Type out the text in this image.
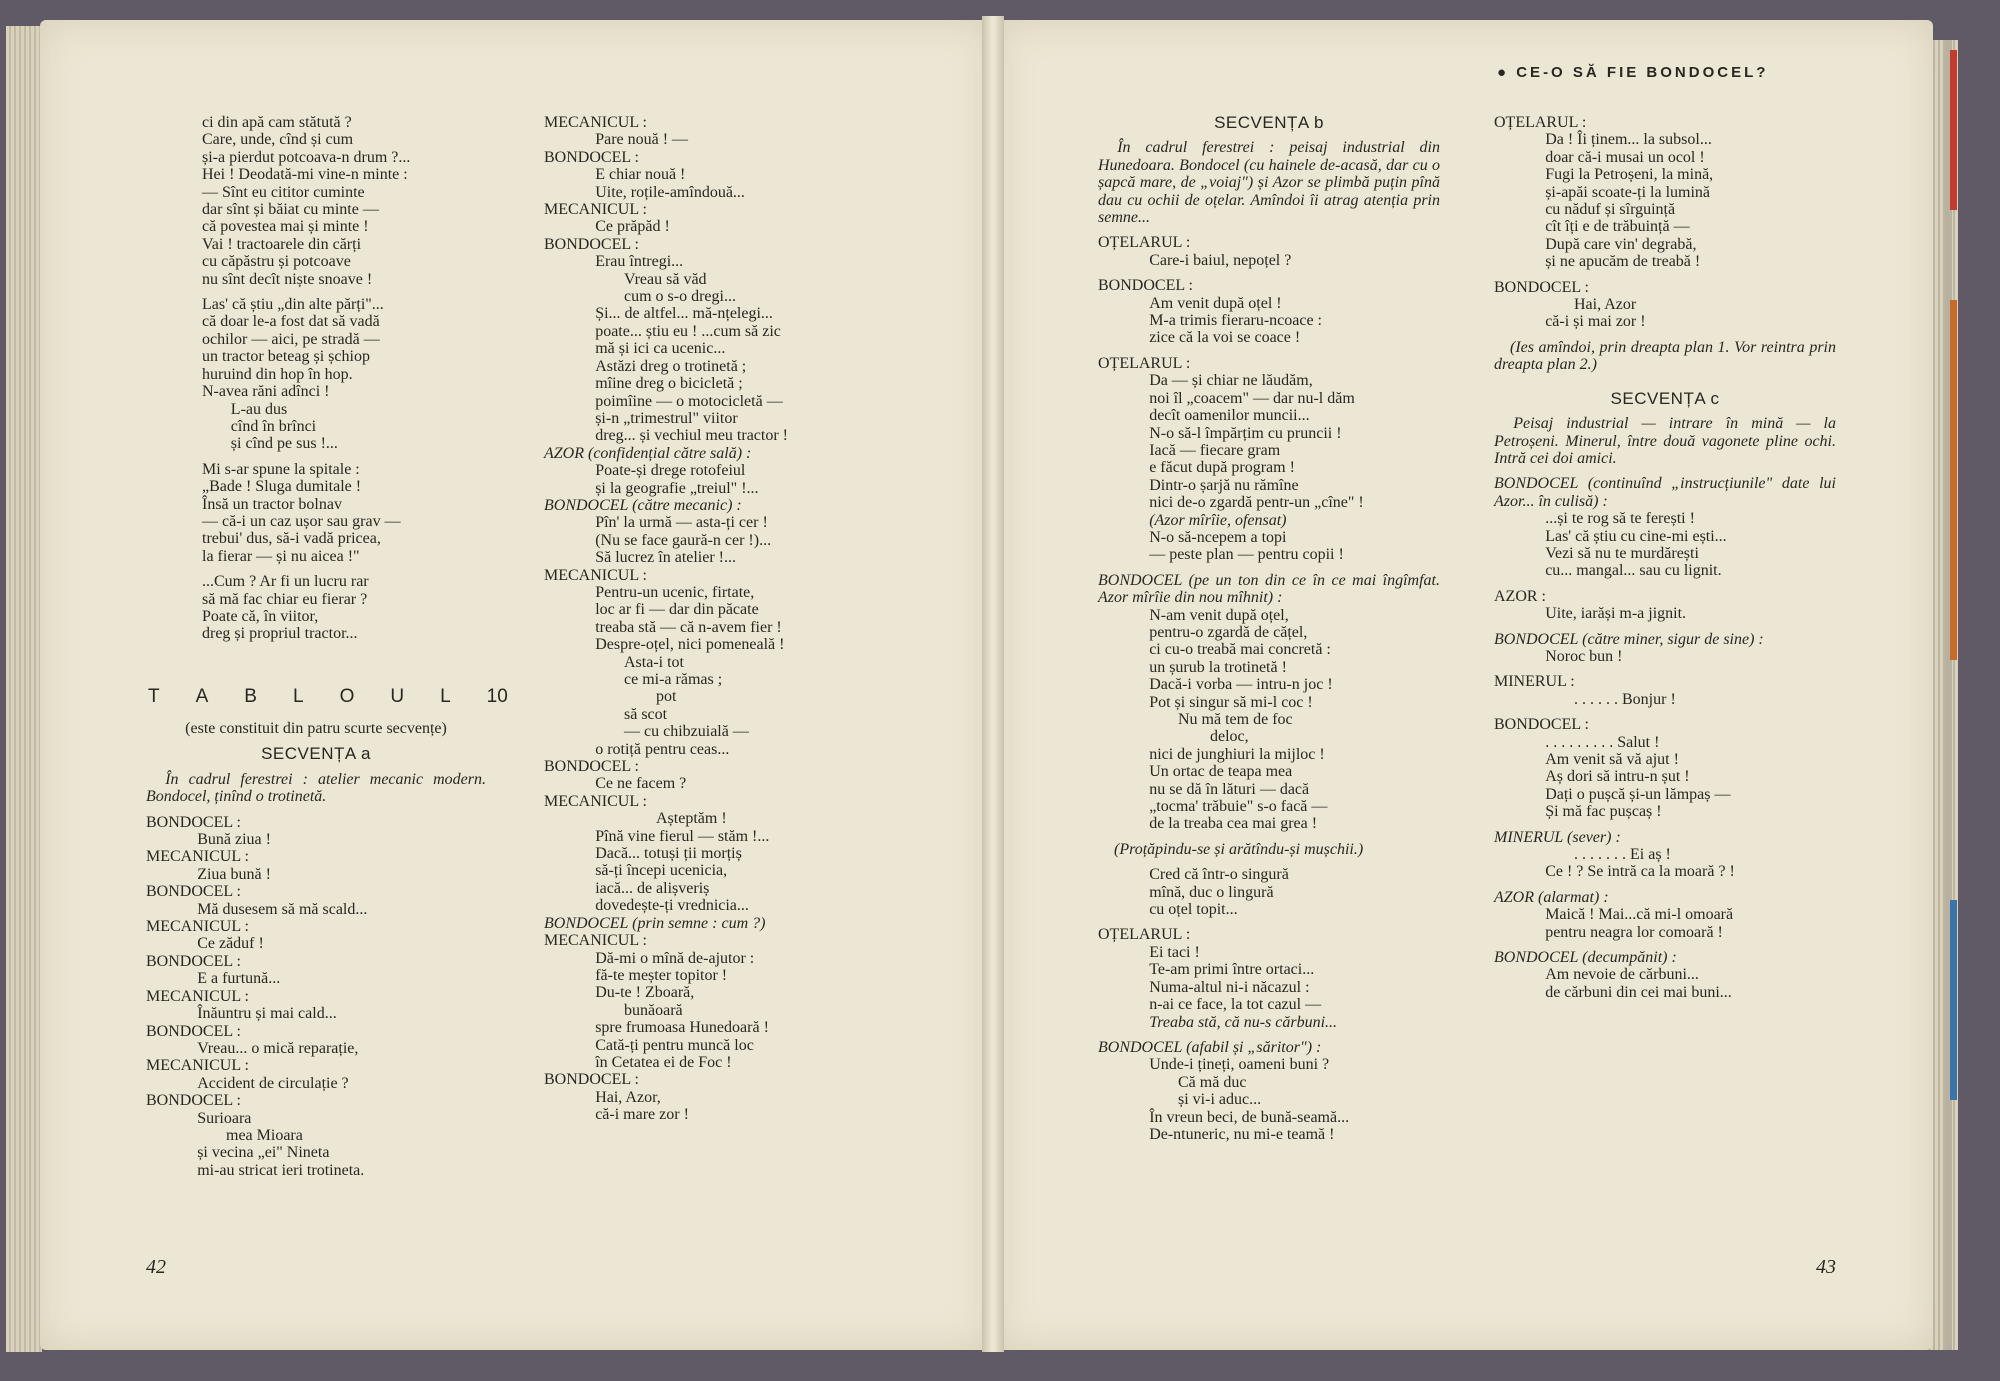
● CE-O SĂ FIE BONDOCEL?
ci din apă cam stătută ?
Care, unde, cînd și cum
și-a pierdut potcoava-n drum ?...
Hei ! Deodată-mi vine-n minte :
— Sînt eu cititor cuminte
dar sînt și băiat cu minte —
că povestea mai și minte !
Vai ! tractoarele din cărți
cu căpăstru și potcoave
nu sînt decît niște snoave !
Las' că știu „din alte părți"...
că doar le-a fost dat să vadă
ochilor — aici, pe stradă —
un tractor beteag și șchiop
huruind din hop în hop.
N-avea răni adînci !
L-au dus
cînd în brînci
și cînd pe sus !...
Mi s-ar spune la spitale :
„Bade ! Sluga dumitale !
Însă un tractor bolnav
— că-i un caz ușor sau grav —
trebui' dus, să-i vadă pricea,
la fierar — și nu aicea !"
...Cum ? Ar fi un lucru rar
să mă fac chiar eu fierar ?
Poate că, în viitor,
dreg și propriul tractor...
T A B L O U L 10
(este constituit din patru scurte secvențe)
SECVENȚA a
În cadrul ferestrei : atelier mecanic modern. Bondocel, ținînd o trotinetă.
BONDOCEL :
Bună ziua !
MECANICUL :
Ziua bună !
BONDOCEL :
Mă dusesem să mă scald...
MECANICUL :
Ce zăduf !
BONDOCEL :
E a furtună...
MECANICUL :
Înăuntru și mai cald...
BONDOCEL :
Vreau... o mică reparație,
MECANICUL :
Accident de circulație ?
BONDOCEL :
Surioara
mea Mioara
și vecina „ei" Nineta
mi-au stricat ieri trotineta.
MECANICUL :
Pare nouă ! —
BONDOCEL :
E chiar nouă !
Uite, roțile-amîndouă...
MECANICUL :
Ce prăpăd !
BONDOCEL :
Erau întregi...
Vreau să văd
cum o s-o dregi...
Și... de altfel... mă-nțelegi...
poate... știu eu ! ...cum să zic
mă și ici ca ucenic...
Astăzi dreg o trotinetă ;
mîine dreg o bicicletă ;
poimîine — o motocicletă —
și-n „trimestrul" viitor
dreg... și vechiul meu tractor !
AZOR (confidențial către sală) :
Poate-și drege rotofeiul
și la geografie „treiul" !...
BONDOCEL (către mecanic) :
Pîn' la urmă — asta-ți cer !
(Nu se face gaură-n cer !)...
Să lucrez în atelier !...
MECANICUL :
Pentru-un ucenic, firtate,
loc ar fi — dar din păcate
treaba stă — că n-avem fier !
Despre-oțel, nici pomeneală !
Asta-i tot
ce mi-a rămas ;
pot
să scot
— cu chibzuială —
o rotiță pentru ceas...
BONDOCEL :
Ce ne facem ?
MECANICUL :
Așteptăm !
Pînă vine fierul — stăm !...
Dacă... totuși ții morțiș
să-ți începi ucenicia,
iacă... de alișveriș
dovedește-ți vrednicia...
BONDOCEL (prin semne : cum ?)
MECANICUL :
Dă-mi o mînă de-ajutor :
fă-te meșter topitor !
Du-te ! Zboară,
bunăoară
spre frumoasa Hunedoară !
Cată-ți pentru muncă loc
în Cetatea ei de Foc !
BONDOCEL :
Hai, Azor,
că-i mare zor !
SECVENȚA b
În cadrul ferestrei : peisaj industrial din Hunedoara. Bondocel (cu hainele de-acasă, dar cu o șapcă mare, de „voiaj") și Azor se plimbă puțin pînă dau cu ochii de oțelar. Amîndoi îi atrag atenția prin semne...
OȚELARUL :
Care-i baiul, nepoțel ?
BONDOCEL :
Am venit după oțel !
M-a trimis fieraru-ncoace :
zice că la voi se coace !
OȚELARUL :
Da — și chiar ne lăudăm,
noi îl „coacem" — dar nu-l dăm
decît oamenilor muncii...
N-o să-l împărțim cu pruncii !
Iacă — fiecare gram
e făcut după program !
Dintr-o șarjă nu rămîne
nici de-o zgardă pentr-un „cîne" !
(Azor mîrîie, ofensat)
N-o să-ncepem a topi
— peste plan — pentru copii !
BONDOCEL (pe un ton din ce în ce mai îngîmfat. Azor mîrîie din nou mîhnit) :
N-am venit după oțel,
pentru-o zgardă de cățel,
ci cu-o treabă mai concretă :
un șurub la trotinetă !
Dacă-i vorba — intru-n joc !
Pot și singur să mi-l coc !
Nu mă tem de foc
deloc,
nici de junghiuri la mijloc !
Un ortac de teapa mea
nu se dă în lături — dacă
„tocma' trăbuie" s-o facă —
de la treaba cea mai grea !
(Proțăpindu-se și arătîndu-și mușchii.)
Cred că într-o singură
mînă, duc o lingură
cu oțel topit...
OȚELARUL :
Ei taci !
Te-am primi între ortaci...
Numa-altul ni-i năcazul :
n-ai ce face, la tot cazul —
Treaba stă, că nu-s cărbuni...
BONDOCEL (afabil și „săritor") :
Unde-i țineți, oameni buni ?
Că mă duc
și vi-i aduc...
În vreun beci, de bună-seamă...
De-ntuneric, nu mi-e teamă !
OȚELARUL :
Da ! Îi ținem... la subsol...
doar că-i musai un ocol !
Fugi la Petroșeni, la mină,
și-apăi scoate-ți la lumină
cu năduf și sîrguință
cît îți e de trăbuință —
După care vin' degrabă,
și ne apucăm de treabă !
BONDOCEL :
Hai, Azor
că-i și mai zor !
(Ies amîndoi, prin dreapta plan 1. Vor reintra prin dreapta plan 2.)
SECVENȚA c
Peisaj industrial — intrare în mină — la Petroșeni. Minerul, între două vagonete pline ochi. Intră cei doi amici.
BONDOCEL (continuînd „instrucțiunile" date lui Azor... în culisă) :
...și te rog să te ferești !
Las' că știu cu cine-mi ești...
Vezi să nu te murdărești
cu... mangal... sau cu lignit.
AZOR :
Uite, iarăși m-a jignit.
BONDOCEL (către miner, sigur de sine) :
Noroc bun !
MINERUL :
. . . . . . Bonjur !
BONDOCEL :
. . . . . . . . . Salut !
Am venit să vă ajut !
Aș dori să intru-n șut !
Dați o pușcă și-un lămpaș —
Și mă fac pușcaș !
MINERUL (sever) :
. . . . . . . Ei aș !
Ce ! ? Se intră ca la moară ? !
AZOR (alarmat) :
Maică ! Mai...că mi-l omoară
pentru neagra lor comoară !
BONDOCEL (decumpănit) :
Am nevoie de cărbuni...
de cărbuni din cei mai buni...
42	43
